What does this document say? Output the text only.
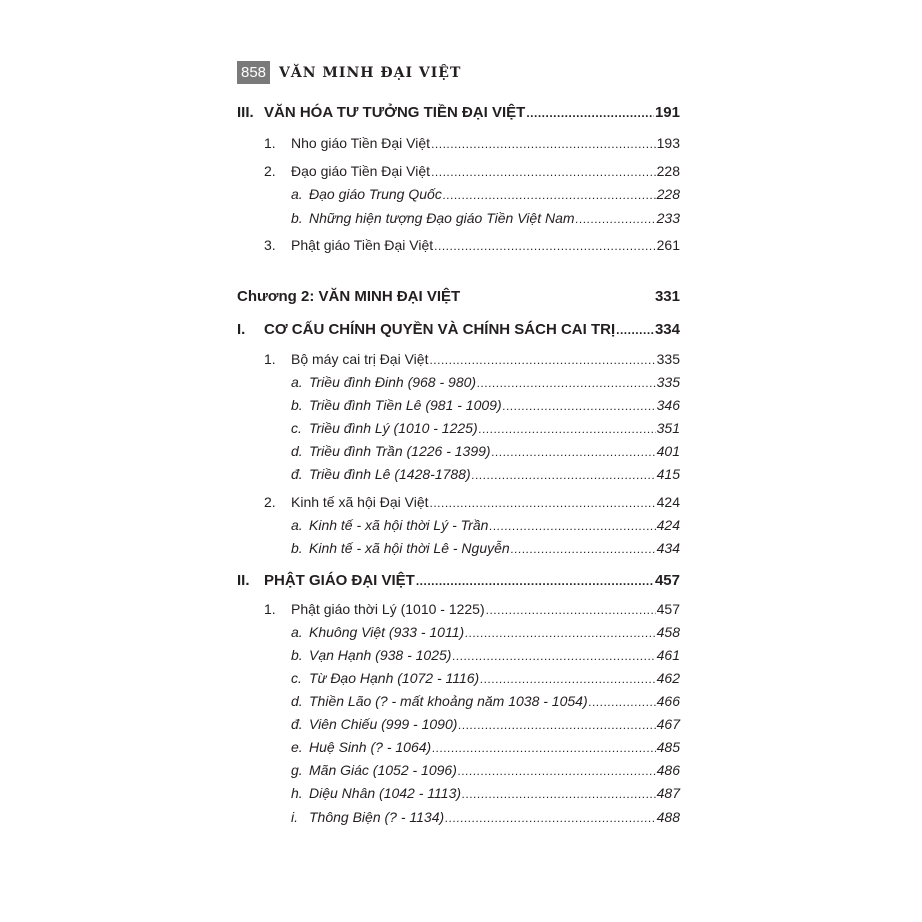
858 VĂN MINH ĐẠI VIỆT
III. VĂN HÓA TƯ TƯỞNG TIỀN ĐẠI VIỆT .....	191
1.	Nho giáo Tiền Đại Việt .....	193
2.	Đạo giáo Tiền Đại Việt .....	228
a. Đạo giáo Trung Quốc .....	228
b. Những hiện tượng Đạo giáo Tiền Việt Nam .....	233
3.	Phật giáo Tiền Đại Việt .....	261
Chương 2: VĂN MINH ĐẠI VIỆT	331
I.	CƠ CẤU CHÍNH QUYỀN VÀ CHÍNH SÁCH CAI TRỊ .....	334
1.	Bộ máy cai trị Đại Việt .....	335
a. Triều đình Đinh (968 - 980) .....	335
b. Triều đình Tiền Lê (981 - 1009) .....	346
c. Triều đình Lý (1010 - 1225) .....	351
d. Triều đình Trần (1226 - 1399) .....	401
đ. Triều đình Lê (1428-1788) .....	415
2.	Kinh tế xã hội Đại Việt .....	424
a. Kinh tế - xã hội thời Lý - Trần .....	424
b. Kinh tế - xã hội thời Lê - Nguyễn .....	434
II. PHẬT GIÁO ĐẠI VIỆT .....	457
1.	Phật giáo thời Lý (1010 - 1225) .....	457
a. Khuông Việt (933 - 1011) .....	458
b. Vạn Hạnh (938 - 1025) .....	461
c. Từ Đạo Hạnh (1072 - 1116) .....	462
d. Thiền Lão (? - mất khoảng năm 1038 - 1054) .....	466
đ. Viên Chiếu (999 - 1090) .....	467
e. Huệ Sinh (? - 1064) .....	485
g. Mãn Giác (1052 - 1096) .....	486
h. Diệu Nhân (1042 - 1113) .....	487
i. Thông Biện (? - 1134) .....	488
